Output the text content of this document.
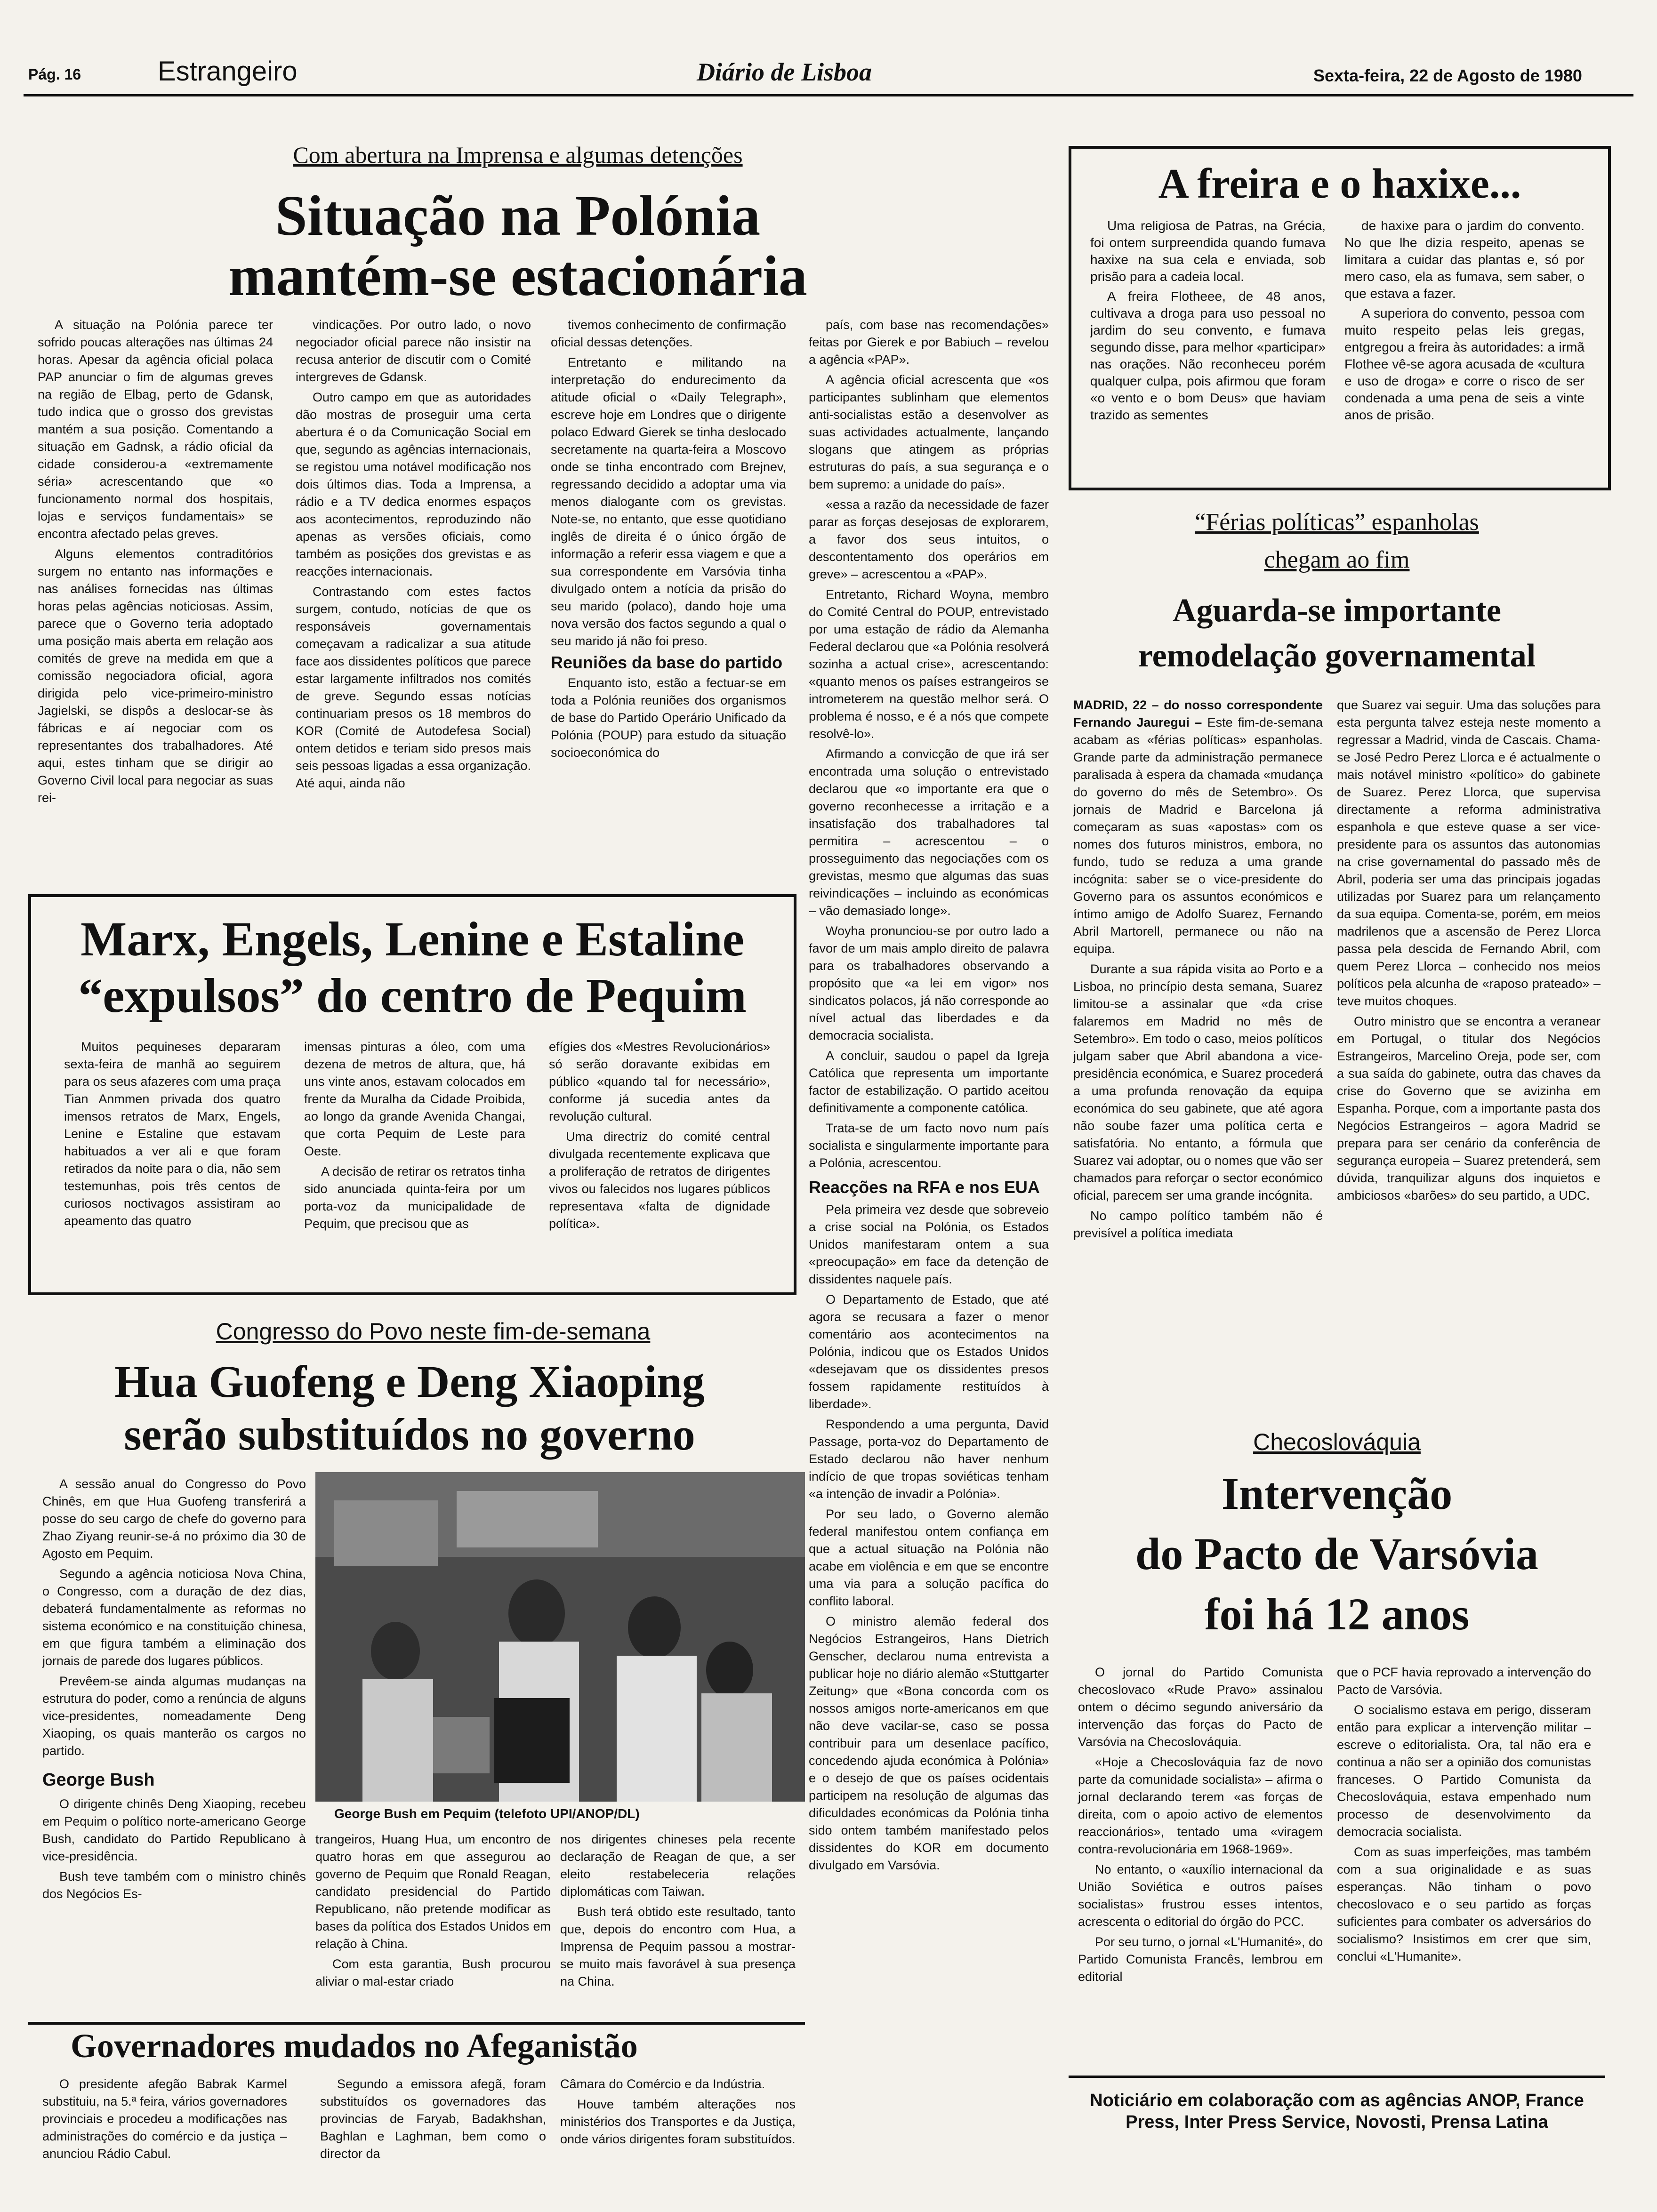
Pág. 16	Estrangeiro	Diário de Lisboa	Sexta-feira, 22 de Agosto de 1980
Com abertura na Imprensa e algumas detenções
Situação na Polónia
mantém-se estacionária

A situação na Polónia parece ter sofrido poucas alterações nas últimas 24 horas. Apesar da agência oficial polaca PAP anunciar o fim de algumas greves na região de Elbag, perto de Gdansk, tudo indica que o grosso dos grevistas mantém a sua posição. Comentando a situação em Gadnsk, a rádio oficial da cidade considerou-a «extremamente séria» acrescentando que «o funcionamento normal dos hospitais, lojas e serviços fundamentais» se encontra afectado pelas greves.

Alguns elementos contraditórios surgem no entanto nas informações e nas análises fornecidas nas últimas horas pelas agências noticiosas. Assim, parece que o Governo teria adoptado uma posição mais aberta em relação aos comités de greve na medida em que a comissão negociadora oficial, agora dirigida pelo vice-primeiro-ministro Jagielski, se dispôs a deslocar-se às fábricas e aí negociar com os representantes dos trabalhadores. Até aqui, estes tinham que se dirigir ao Governo Civil local para negociar as suas rei-

vindicações. Por outro lado, o novo negociador oficial parece não insistir na recusa anterior de discutir com o Comité intergreves de Gdansk.

Outro campo em que as autoridades dão mostras de proseguir uma certa abertura é o da Comunicação Social em que, segundo as agências internacionais, se registou uma notável modificação nos dois últimos dias. Toda a Imprensa, a rádio e a TV dedica enormes espaços aos acontecimentos, reproduzindo não apenas as versões oficiais, como também as posições dos grevistas e as reacções internacionais.

Contrastando com estes factos surgem, contudo, notícias de que os responsáveis governamentais começavam a radicalizar a sua atitude face aos dissidentes políticos que parece estar largamente infiltrados nos comités de greve. Segundo essas notícias continuariam presos os 18 membros do KOR (Comité de Autodefesa Social) ontem detidos e teriam sido presos mais seis pessoas ligadas a essa organização. Até aqui, ainda não

tivemos conhecimento de confirmação oficial dessas detenções.

Entretanto e militando na interpretação do endurecimento da atitude oficial o «Daily Telegraph», escreve hoje em Londres que o dirigente polaco Edward Gierek se tinha deslocado secretamente na quarta-feira a Moscovo onde se tinha encontrado com Brejnev, regressando decidido a adoptar uma via menos dialogante com os grevistas. Note-se, no entanto, que esse quotidiano inglês de direita é o único órgão de informação a referir essa viagem e que a sua correspondente em Varsóvia tinha divulgado ontem a notícia da prisão do seu marido (polaco), dando hoje uma nova versão dos factos segundo a qual o seu marido já não foi preso.

Reuniões da base do partido

Enquanto isto, estão a fectuar-se em toda a Polónia reuniões dos organismos de base do Partido Operário Unificado da Polónia (POUP) para estudo da situação socioeconómica do

país, com base nas recomendações» feitas por Gierek e por Babiuch – revelou a agência «PAP».

A agência oficial acrescenta que «os participantes sublinham que elementos anti-socialistas estão a desenvolver as suas actividades actualmente, lançando slogans que atingem as próprias estruturas do país, a sua segurança e o bem supremo: a unidade do país».

«essa a razão da necessidade de fazer parar as forças desejosas de explorarem, a favor dos seus intuitos, o descontentamento dos operários em greve» – acrescentou a «PAP».

Entretanto, Richard Woyna, membro do Comité Central do POUP, entrevistado por uma estação de rádio da Alemanha Federal declarou que «a Polónia resolverá sozinha a actual crise», acrescentando: «quanto menos os países estrangeiros se intrometerem na questão melhor será. O problema é nosso, e é a nós que compete resolvê-lo».

Afirmando a convicção de que irá ser encontrada uma solução o entrevistado declarou que «o importante era que o governo reconhecesse a irritação e a insatisfação dos trabalhadores tal permitira – acrescentou – o prosseguimento das negociações com os grevistas, mesmo que algumas das suas reivindicações – incluindo as económicas – vão demasiado longe».

Woyha pronunciou-se por outro lado a favor de um mais amplo direito de palavra para os trabalhadores observando a propósito que «a lei em vigor» nos sindicatos polacos, já não corresponde ao nível actual das liberdades e da democracia socialista.

A concluir, saudou o papel da Igreja Católica que representa um importante factor de estabilização. O partido aceitou definitivamente a componente católica.

Trata-se de um facto novo num país socialista e singularmente importante para a Polónia, acrescentou.

Reacções na RFA e nos EUA

Pela primeira vez desde que sobreveio a crise social na Polónia, os Estados Unidos manifestaram ontem a sua «preocupação» em face da detenção de dissidentes naquele país.

O Departamento de Estado, que até agora se recusara a fazer o menor comentário aos acontecimentos na Polónia, indicou que os Estados Unidos «desejavam que os dissidentes presos fossem rapidamente restituídos à liberdade».

Respondendo a uma pergunta, David Passage, porta-voz do Departamento de Estado declarou não haver nenhum indício de que tropas soviéticas tenham «a intenção de invadir a Polónia».

Por seu lado, o Governo alemão federal manifestou ontem confiança em que a actual situação na Polónia não acabe em violência e em que se encontre uma via para a solução pacífica do conflito laboral.

O ministro alemão federal dos Negócios Estrangeiros, Hans Dietrich Genscher, declarou numa entrevista a publicar hoje no diário alemão «Stuttgarter Zeitung» que «Bona concorda com os nossos amigos norte-americanos em que não deve vacilar-se, caso se possa contribuir para um desenlace pacífico, concedendo ajuda económica à Polónia» e o desejo de que os países ocidentais participem na resolução de algumas das dificuldades económicas da Polónia tinha sido ontem também manifestado pelos dissidentes do KOR em documento divulgado em Varsóvia.

A freira e o haxixe...

Uma religiosa de Patras, na Grécia, foi ontem surpreendida quando fumava haxixe na sua cela e enviada, sob prisão para a cadeia local.

A freira Flotheee, de 48 anos, cultivava a droga para uso pessoal no jardim do seu convento, e fumava segundo disse, para melhor «participar» nas orações. Não reconheceu porém qualquer culpa, pois afirmou que foram «o vento e o bom Deus» que haviam trazido as sementes

de haxixe para o jardim do convento. No que lhe dizia respeito, apenas se limitara a cuidar das plantas e, só por mero caso, ela as fumava, sem saber, o que estava a fazer.

A superiora do convento, pessoa com muito respeito pelas leis gregas, entgregou a freira às autoridades: a irmã Flothee vê-se agora acusada de «cultura e uso de droga» e corre o risco de ser condenada a uma pena de seis a vinte anos de prisão.

“Férias políticas” espanholas
chegam ao fim
Aguarda-se importante
remodelação governamental

MADRID, 22 – do nosso correspondente Fernando Jauregui – Este fim-de-semana acabam as «férias políticas» espanholas. Grande parte da administração permanece paralisada à espera da chamada «mudança do governo do mês de Setembro». Os jornais de Madrid e Barcelona já começaram as suas «apostas» com os nomes dos futuros ministros, embora, no fundo, tudo se reduza a uma grande incógnita: saber se o vice-presidente do Governo para os assuntos económicos e íntimo amigo de Adolfo Suarez, Fernando Abril Martorell, permanece ou não na equipa.

Durante a sua rápida visita ao Porto e a Lisboa, no princípio desta semana, Suarez limitou-se a assinalar que «da crise falaremos em Madrid no mês de Setembro». Em todo o caso, meios políticos julgam saber que Abril abandona a vice-presidência económica, e Suarez procederá a uma profunda renovação da equipa económica do seu gabinete, que até agora não soube fazer uma política certa e satisfatória. No entanto, a fórmula que Suarez vai adoptar, ou o nomes que vão ser chamados para reforçar o sector económico oficial, parecem ser uma grande incógnita.

No campo político também não é previsível a política imediata

que Suarez vai seguir. Uma das soluções para esta pergunta talvez esteja neste momento a regressar a Madrid, vinda de Cascais. Chama-se José Pedro Perez Llorca e é actualmente o mais notável ministro «político» do gabinete de Suarez. Perez Llorca, que supervisa directamente a reforma administrativa espanhola e que esteve quase a ser vice-presidente para os assuntos das autonomias na crise governamental do passado mês de Abril, poderia ser uma das principais jogadas utilizadas por Suarez para um relançamento da sua equipa. Comenta-se, porém, em meios madrilenos que a ascensão de Perez Llorca passa pela descida de Fernando Abril, com quem Perez Llorca – conhecido nos meios políticos pela alcunha de «raposo prateado» – teve muitos choques.

Outro ministro que se encontra a veranear em Portugal, o titular dos Negócios Estrangeiros, Marcelino Oreja, pode ser, com a sua saída do gabinete, outra das chaves da crise do Governo que se avizinha em Espanha. Porque, com a importante pasta dos Negócios Estrangeiros – agora Madrid se prepara para ser cenário da conferência de segurança europeia – Suarez pretenderá, sem dúvida, tranquilizar alguns dos inquietos e ambiciosos «barões» do seu partido, a UDC.

Marx, Engels, Lenine e Estaline
“expulsos” do centro de Pequim

Muitos pequineses depararam sexta-feira de manhã ao seguirem para os seus afazeres com uma praça Tian Anmmen privada dos quatro imensos retratos de Marx, Engels, Lenine e Estaline que estavam habituados a ver ali e que foram retirados da noite para o dia, não sem testemunhas, pois três centos de curiosos noctivagos assistiram ao apeamento das quatro

imensas pinturas a óleo, com uma dezena de metros de altura, que, há uns vinte anos, estavam colocados em frente da Muralha da Cidade Proibida, ao longo da grande Avenida Changai, que corta Pequim de Leste para Oeste.

A decisão de retirar os retratos tinha sido anunciada quinta-feira por um porta-voz da municipalidade de Pequim, que precisou que as

efígies dos «Mestres Revolucionários» só serão doravante exibidas em público «quando tal for necessário», conforme já sucedia antes da revolução cultural.

Uma directriz do comité central divulgada recentemente explicava que a proliferação de retratos de dirigentes vivos ou falecidos nos lugares públicos representava «falta de dignidade política».

Congresso do Povo neste fim-de-semana
Hua Guofeng e Deng Xiaoping
serão substituídos no governo

A sessão anual do Congresso do Povo Chinês, em que Hua Guofeng transferirá a posse do seu cargo de chefe do governo para Zhao Ziyang reunir-se-á no próximo dia 30 de Agosto em Pequim.

Segundo a agência noticiosa Nova China, o Congresso, com a duração de dez dias, debaterá fundamentalmente as reformas no sistema económico e na constituição chinesa, em que figura também a eliminação dos jornais de parede dos lugares públicos.

Prevêem-se ainda algumas mudanças na estrutura do poder, como a renúncia de alguns vice-presidentes, nomeadamente Deng Xiaoping, os quais manterão os cargos no partido.

George Bush

O dirigente chinês Deng Xiaoping, recebeu em Pequim o político norte-americano George Bush, candidato do Partido Republicano à vice-presidência.

Bush teve também com o ministro chinês dos Negócios Es-

George Bush em Pequim (telefoto UPI/ANOP/DL)

trangeiros, Huang Hua, um encontro de quatro horas em que assegurou ao governo de Pequim que Ronald Reagan, candidato presidencial do Partido Republicano, não pretende modificar as bases da política dos Estados Unidos em relação à China.

Com esta garantia, Bush procurou aliviar o mal-estar criado

nos dirigentes chineses pela recente declaração de Reagan de que, a ser eleito restabeleceria relações diplomáticas com Taiwan.

Bush terá obtido este resultado, tanto que, depois do encontro com Hua, a Imprensa de Pequim passou a mostrar-se muito mais favorável à sua presença na China.

Governadores mudados no Afeganistão

O presidente afegão Babrak Karmel substituiu, na 5.ª feira, vários governadores provinciais e procedeu a modificações nas administrações do comércio e da justiça – anunciou Rádio Cabul.

Segundo a emissora afegã, foram substituídos os governadores das provincias de Faryab, Badakhshan, Baghlan e Laghman, bem como o director da

Câmara do Comércio e da Indústria.

Houve também alterações nos ministérios dos Transportes e da Justiça, onde vários dirigentes foram substituídos.

Checoslováquia
Intervenção
do Pacto de Varsóvia
foi há 12 anos

O jornal do Partido Comunista checoslovaco «Rude Pravo» assinalou ontem o décimo segundo aniversário da intervenção das forças do Pacto de Varsóvia na Checoslováquia.

«Hoje a Checoslováquia faz de novo parte da comunidade socialista» – afirma o jornal declarando terem «as forças de direita, com o apoio activo de elementos reaccionários», tentado uma «viragem contra-revolucionária em 1968-1969».

No entanto, o «auxílio internacional da União Soviética e outros países socialistas» frustrou esses intentos, acrescenta o editorial do órgão do PCC.

Por seu turno, o jornal «L'Humanité», do Partido Comunista Francês, lembrou em editorial

que o PCF havia reprovado a intervenção do Pacto de Varsóvia.

O socialismo estava em perigo, disseram então para explicar a intervenção militar – escreve o editorialista. Ora, tal não era e continua a não ser a opinião dos comunistas franceses. O Partido Comunista da Checoslováquia, estava empenhado num processo de desenvolvimento da democracia socialista.

Com as suas imperfeições, mas também com a sua originalidade e as suas esperanças. Não tinham o povo checoslovaco e o seu partido as forças suficientes para combater os adversários do socialismo? Insistimos em crer que sim, conclui «L'Humanite».

Noticiário em colaboração com as agências ANOP, France Press, Inter Press Service, Novosti, Prensa Latina
